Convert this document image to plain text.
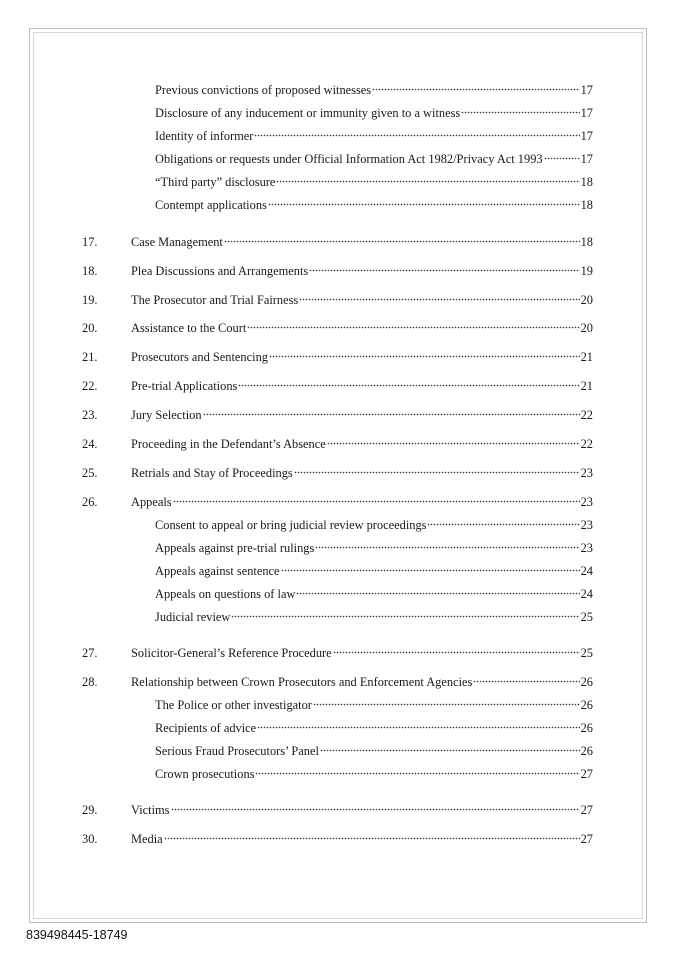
Previous convictions of proposed witnesses	17
Disclosure of any inducement or immunity given to a witness	17
Identity of informer	17
Obligations or requests under Official Information Act 1982/Privacy Act 1993	17
“Third party” disclosure	18
Contempt applications	18
17.	Case Management	18
18.	Plea Discussions and Arrangements	19
19.	The Prosecutor and Trial Fairness	20
20.	Assistance to the Court	20
21.	Prosecutors and Sentencing	21
22.	Pre-trial Applications	21
23.	Jury Selection	22
24.	Proceeding in the Defendant’s Absence	22
25.	Retrials and Stay of Proceedings	23
26.	Appeals	23
Consent to appeal or bring judicial review proceedings	23
Appeals against pre-trial rulings	23
Appeals against sentence	24
Appeals on questions of law	24
Judicial review	25
27.	Solicitor-General’s Reference Procedure	25
28.	Relationship between Crown Prosecutors and Enforcement Agencies	26
The Police or other investigator	26
Recipients of advice	26
Serious Fraud Prosecutors’ Panel	26
Crown prosecutions	27
29.	Victims	27
30.	Media	27
839498445-18749
